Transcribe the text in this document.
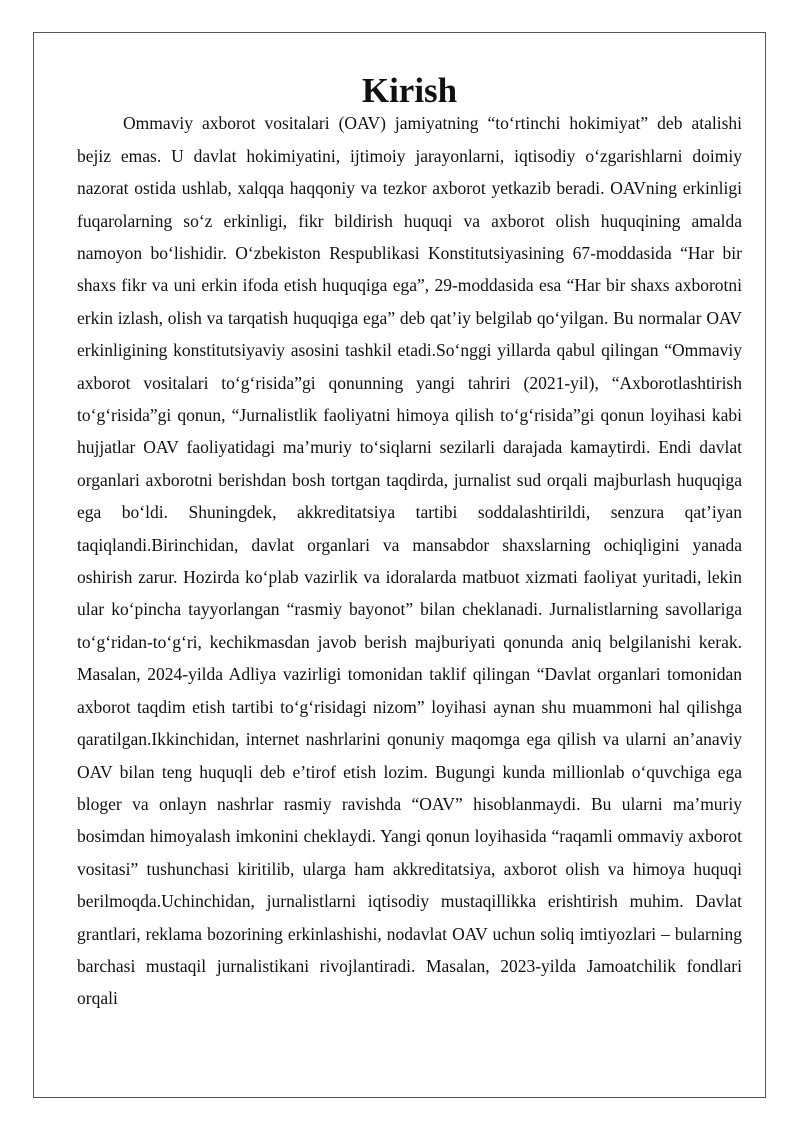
Kirish

Ommaviy axborot vositalari (OAV) jamiyatning “to‘rtinchi hokimiyat” deb atalishi bejiz emas. U davlat hokimiyatini, ijtimoiy jarayonlarni, iqtisodiy o‘zgarishlarni doimiy nazorat ostida ushlab, xalqqa haqqoniy va tezkor axborot yetkazib beradi. OAVning erkinligi fuqarolarning so‘z erkinligi, fikr bildirish huquqi va axborot olish huquqining amalda namoyon bo‘lishidir. O‘zbekiston Respublikasi Konstitutsiyasining 67-moddasida “Har bir shaxs fikr va uni erkin ifoda etish huquqiga ega”, 29-moddasida esa “Har bir shaxs axborotni erkin izlash, olish va tarqatish huquqiga ega” deb qat’iy belgilab qo‘yilgan. Bu normalar OAV erkinligining konstitutsiyaviy asosini tashkil etadi.So‘nggi yillarda qabul qilingan “Ommaviy axborot vositalari to‘g‘risida”gi qonunning yangi tahriri (2021-yil), “Axborotlashtirish to‘g‘risida”gi qonun, “Jurnalistlik faoliyatni himoya qilish to‘g‘risida”gi qonun loyihasi kabi hujjatlar OAV faoliyatidagi ma’muriy to‘siqlarni sezilarli darajada kamaytirdi. Endi davlat organlari axborotni berishdan bosh tortgan taqdirda, jurnalist sud orqali majburlash huquqiga ega bo‘ldi. Shuningdek, akkreditatsiya tartibi soddalashtirildi, senzura qat’iyan taqiqlandi.Birinchidan, davlat organlari va mansabdor shaxslarning ochiqligini yanada oshirish zarur. Hozirda ko‘plab vazirlik va idoralarda matbuot xizmati faoliyat yuritadi, lekin ular ko‘pincha tayyorlangan “rasmiy bayonot” bilan cheklanadi. Jurnalistlarning savollariga to‘g‘ridan-to‘g‘ri, kechikmasdan javob berish majburiyati qonunda aniq belgilanishi kerak. Masalan, 2024-yilda Adliya vazirligi tomonidan taklif qilingan “Davlat organlari tomonidan axborot taqdim etish tartibi to‘g‘risidagi nizom” loyihasi aynan shu muammoni hal qilishga qaratilgan.Ikkinchidan, internet nashrlarini qonuniy maqomga ega qilish va ularni an’anaviy OAV bilan teng huquqli deb e’tirof etish lozim. Bugungi kunda millionlab o‘quvchiga ega bloger va onlayn nashrlar rasmiy ravishda “OAV” hisoblanmaydi. Bu ularni ma’muriy bosimdan himoyalash imkonini cheklaydi. Yangi qonun loyihasida “raqamli ommaviy axborot vositasi” tushunchasi kiritilib, ularga ham akkreditatsiya, axborot olish va himoya huquqi berilmoqda.Uchinchidan, jurnalistlarni iqtisodiy mustaqillikka erishtirish muhim. Davlat grantlari, reklama bozorining erkinlashishi, nodavlat OAV uchun soliq imtiyozlari – bularning barchasi mustaqil jurnalistikani rivojlantiradi. Masalan, 2023-yilda Jamoatchilik fondlari orqali
